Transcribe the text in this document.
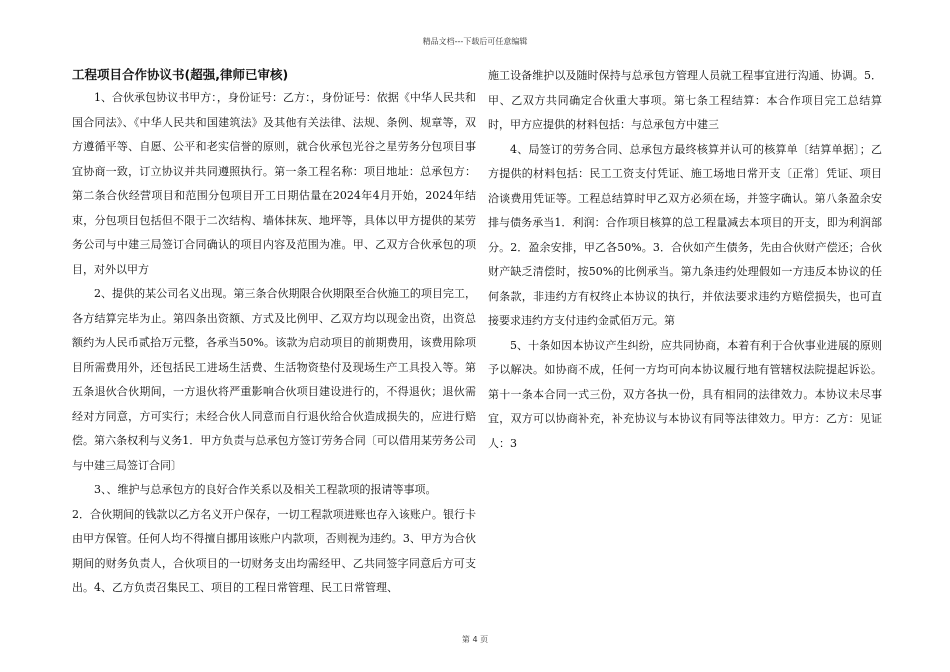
精品文档---下载后可任意编辑

工程项目合作协议书(超强,律师已审核)

1、合伙承包协议书甲方：，身份证号：乙方：，身份证号：依据《中华人民共和国合同法》、《中华人民共和国建筑法》及其他有关法律、法规、条例、规章等，双方遵循平等、自愿、公平和老实信誉的原则，就合伙承包光谷之星劳务分包项目事宜协商一致，订立协议并共同遵照执行。第一条工程名称：项目地址：总承包方：第二条合伙经营项目和范围分包项目开工日期估量在2024年4月开始，2024年结束，分包项目包括但不限于二次结构、墙体抹灰、地坪等，具体以甲方提供的某劳务公司与中建三局签订合同确认的项目内容及范围为准。甲、乙双方合伙承包的项目，对外以甲方

2、提供的某公司名义出现。第三条合伙期限合伙期限至合伙施工的项目完工，各方结算完毕为止。第四条出资额、方式及比例甲、乙双方均以现金出资，出资总额约为人民币贰拾万元整，各承当50%。该款为启动项目的前期费用，该费用除项目所需费用外，还包括民工进场生活费、生活物资垫付及现场生产工具投入等。第五条退伙合伙期间，一方退伙将严重影响合伙项目建设进行的，不得退伙；退伙需经对方同意，方可实行；未经合伙人同意而自行退伙给合伙造成损失的，应进行赔偿。第六条权利与义务1．甲方负责与总承包方签订劳务合同〔可以借用某劳务公司与中建三局签订合同〕

3、、维护与总承包方的良好合作关系以及相关工程款项的报请等事项。

2．合伙期间的钱款以乙方名义开户保存，一切工程款项进账也存入该账户。银行卡由甲方保管。任何人均不得擅自挪用该账户内款项，否则视为违约。3、甲方为合伙期间的财务负责人，合伙项目的一切财务支出均需经甲、乙共同签字同意后方可支出。4、乙方负责召集民工、项目的工程日常管理、民工日常管理、

施工设备维护以及随时保持与总承包方管理人员就工程事宜进行沟通、协调。5．甲、乙双方共同确定合伙重大事项。第七条工程结算：本合作项目完工总结算时，甲方应提供的材料包括：与总承包方中建三

4、局签订的劳务合同、总承包方最终核算并认可的核算单〔结算单据〕；乙方提供的材料包括：民工工资支付凭证、施工场地日常开支〔正常〕凭证、项目洽谈费用凭证等。工程总结算时甲乙双方必须在场，并签字确认。第八条盈余安排与债务承当1．利润：合作项目核算的总工程量减去本项目的开支，即为利润部分。2．盈余安排，甲乙各50%。3．合伙如产生债务，先由合伙财产偿还；合伙财产缺乏清偿时，按50%的比例承当。第九条违约处理假如一方违反本协议的任何条款，非违约方有权终止本协议的执行，并依法要求违约方赔偿损失，也可直接要求违约方支付违约金贰佰万元。第

5、十条如因本协议产生纠纷，应共同协商，本着有利于合伙事业进展的原则予以解决。如协商不成，任何一方均可向本协议履行地有管辖权法院提起诉讼。第十一条本合同一式三份，双方各执一份，具有相同的法律效力。本协议未尽事宜，双方可以协商补充，补充协议与本协议有同等法律效力。甲方：乙方：见证人：3

第 4 页
